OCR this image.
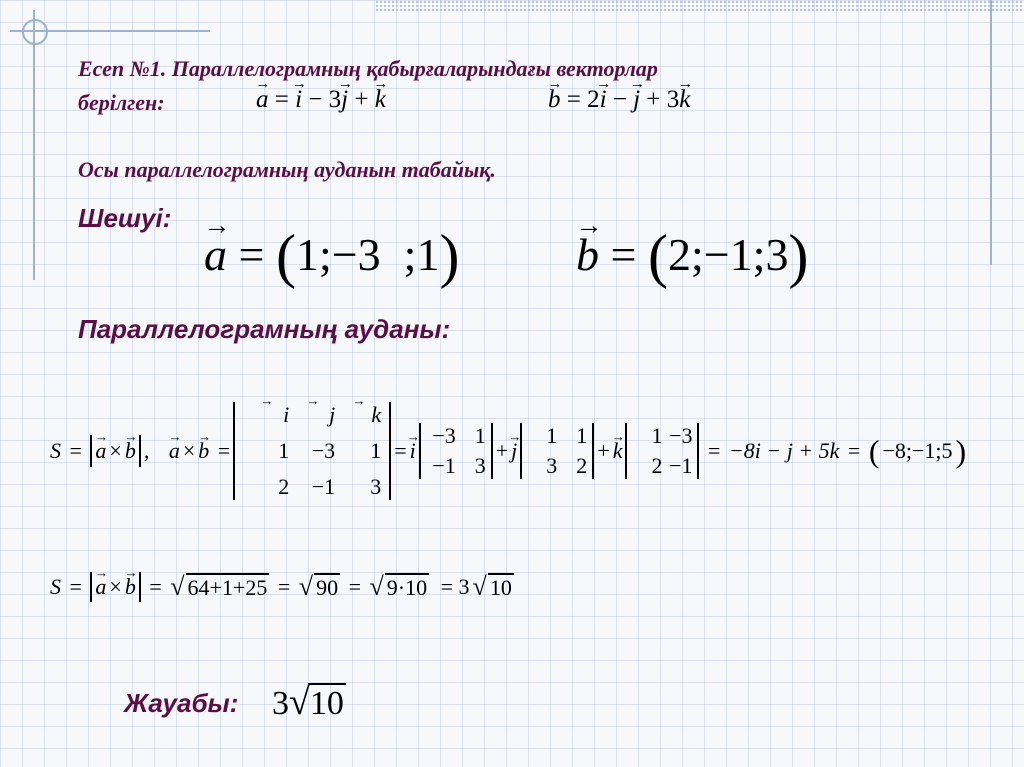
Есеп №1. Параллелограмның қабырғаларындағы векторлар
берілген:	→ a = → i − 3→ j + → k	→ b = 2→ i − → j + 3→ k
Осы параллелограмның ауданын табайық.
Шешуі:
→ a = (1;−3  ;1)	→ b = (2;−1;3)
Параллелограмның ауданы:
S = → a × → b , → a × → b =
→ i	→ j	→ k
1	−3	1
2	−1	3
= → i
−3 1
−1 3
+ → j
1 1
3 2
+ → k
1 −3
2 −1
= −8i − j + 5k = ( −8;−1;5 )
S = → a × → b = √ 64+1+25 = √ 90 = √ 9·10
= 3 √ 10
Жауабы: 3√10
